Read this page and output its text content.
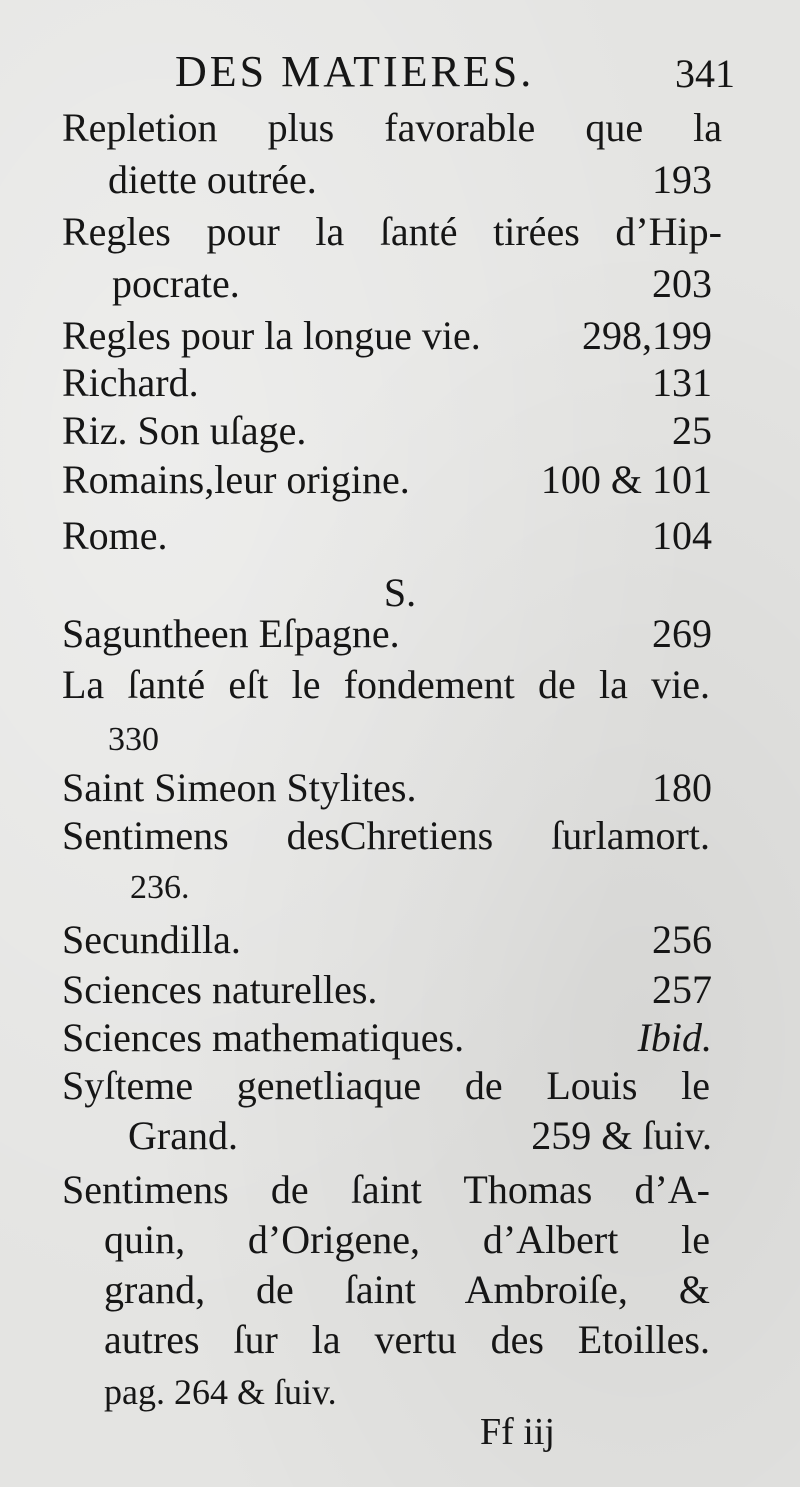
DES MATIERES.	341
Repletion plus favorable que la
diette outrée.	193
Regles pour la ſanté tirées d’Hip-
pocrate.	203
Regles pour la longue vie.	298,199
Richard.	131
Riz. Son uſage.	25
Romains,leur origine.	100 & 101
Rome.	104
S.
Saguntheen Eſpagne.	269
La ſanté eſt le fondement de la vie.
330
Saint Simeon Stylites.	180
Sentimens desChretiens ſurlamort.
236.
Secundilla.	256
Sciences naturelles.	257
Sciences mathematiques.	Ibid.
Syſteme genetliaque de Louis le
Grand.	259 & ſuiv.
Sentimens de ſaint Thomas d’A-
quin, d’Origene, d’Albert le
grand, de ſaint Ambroiſe, &
autres ſur la vertu des Etoilles.
pag. 264 & ſuiv.
Ff iij
